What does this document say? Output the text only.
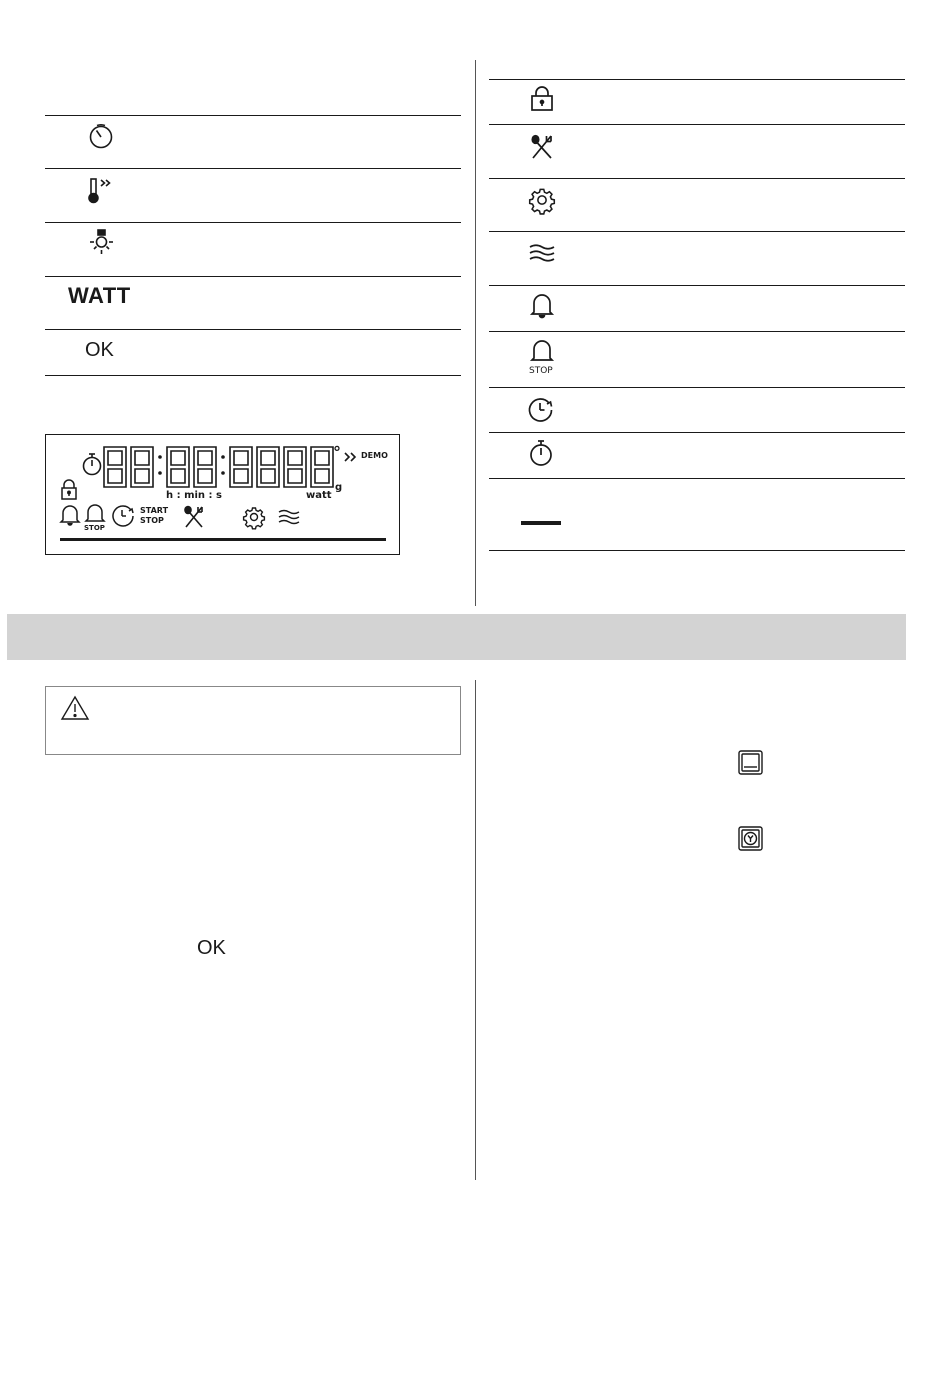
WATT
OK
°	DEMO
g
h : min : s	watt
STOP
START
STOP
STOP
OK
